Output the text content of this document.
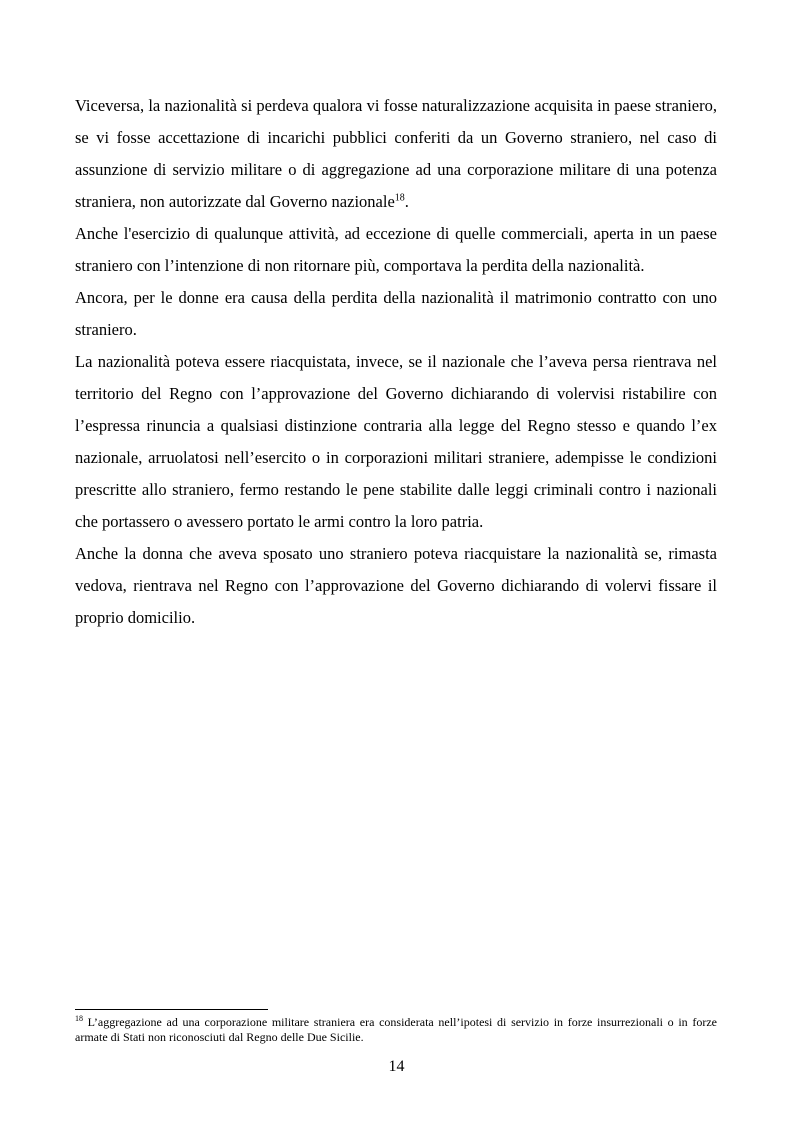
Viceversa, la nazionalità si perdeva qualora vi fosse naturalizzazione acquisita in paese straniero, se vi fosse accettazione di incarichi pubblici conferiti da un Governo straniero, nel caso di assunzione di servizio militare o di aggregazione ad una corporazione militare di una potenza straniera, non autorizzate dal Governo nazionale$^{18}$.

Anche l'esercizio di qualunque attività, ad eccezione di quelle commerciali, aperta in un paese straniero con l’intenzione di non ritornare più, comportava la perdita della nazionalità.

Ancora, per le donne era causa della perdita della nazionalità il matrimonio contratto con uno straniero.

La nazionalità poteva essere riacquistata, invece, se il nazionale che l’aveva persa rientrava nel territorio del Regno con l’approvazione del Governo dichiarando di volervisi ristabilire con l’espressa rinuncia a qualsiasi distinzione contraria alla legge del Regno stesso e quando l’ex nazionale, arruolatosi nell’esercito o in corporazioni militari straniere, adempisse le condizioni prescritte allo straniero, fermo restando le pene stabilite dalle leggi criminali contro i nazionali che portassero o avessero portato le armi contro la loro patria.

Anche la donna che aveva sposato uno straniero poteva riacquistare la nazionalità se, rimasta vedova, rientrava nel Regno con l’approvazione del Governo dichiarando di volervi fissare il proprio domicilio.

$^{18}$ L’aggregazione ad una corporazione militare straniera era considerata nell’ipotesi di servizio in forze insurrezionali o in forze armate di Stati non riconosciuti dal Regno delle Due Sicilie.
14
